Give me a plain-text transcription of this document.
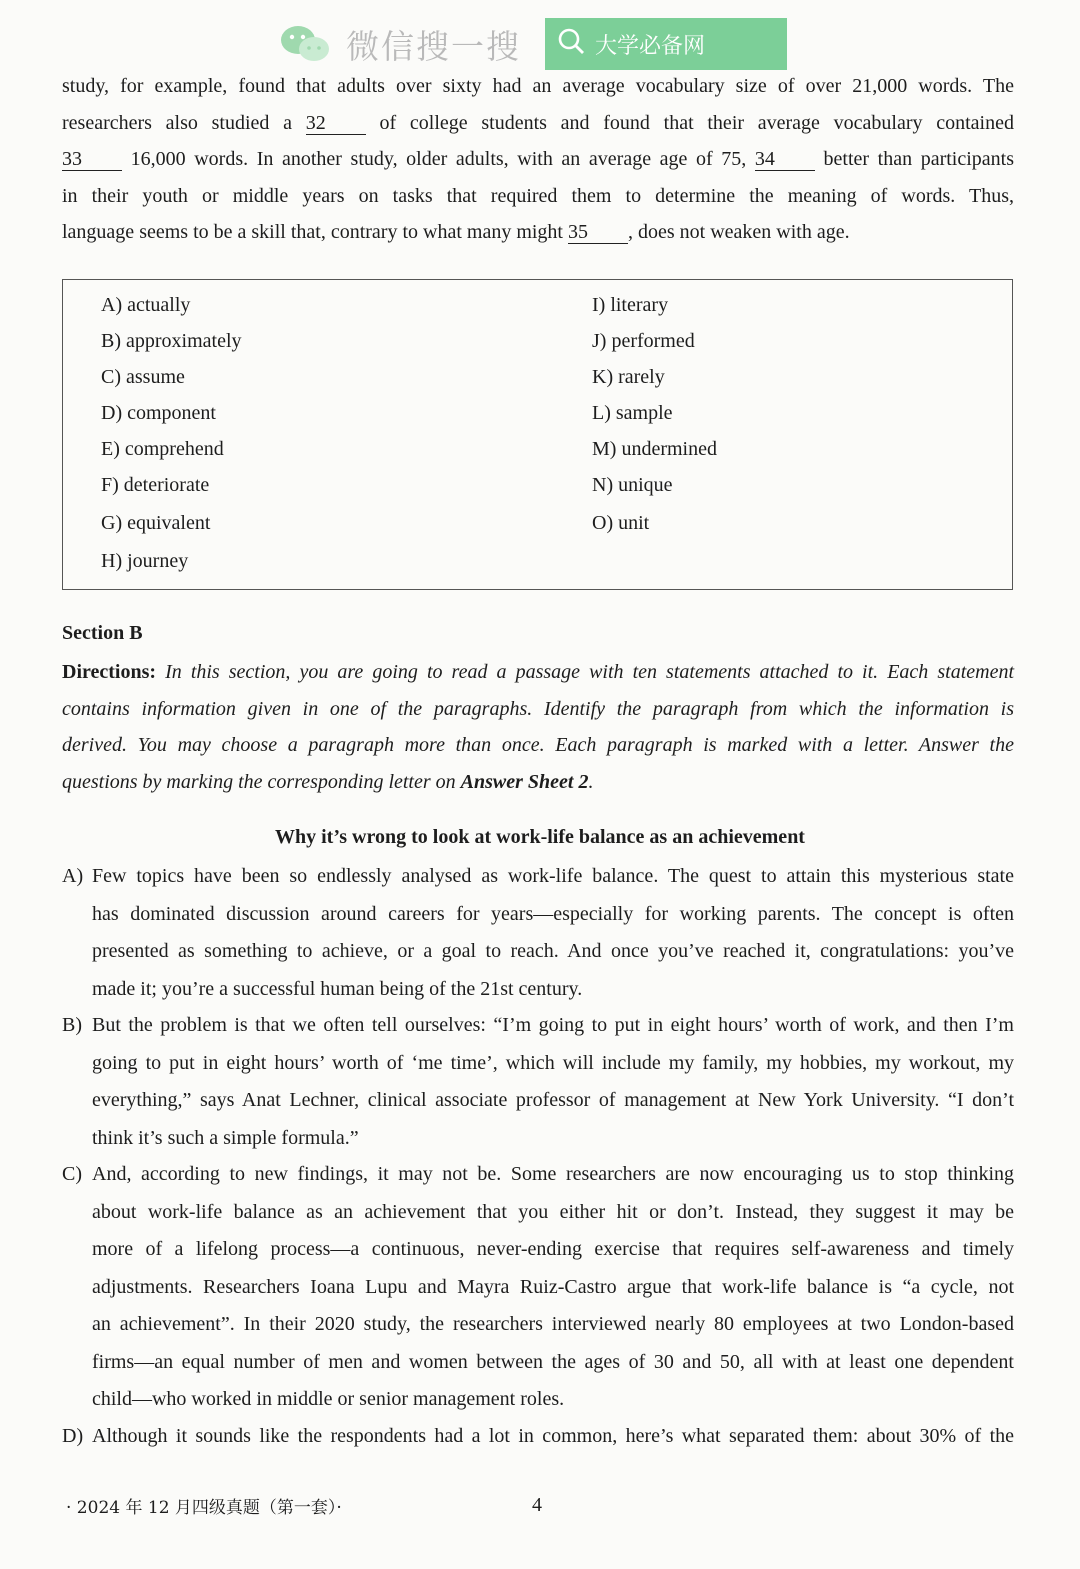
微信搜一搜	大学必备网
study, for example, found that adults over sixty had an average vocabulary size of over 21,000 words. The
researchers also studied a 32 of college students and found that their average vocabulary contained
33 16,000 words. In another study, older adults, with an average age of 75, 34 better than participants
in their youth or middle years on tasks that required them to determine the meaning of words. Thus,
language seems to be a skill that, contrary to what many might 35 , does not weaken with age.
A) actually
B) approximately
C) assume
D) component
E) comprehend
F) deteriorate
G) equivalent
H) journey
I) literary
J) performed
K) rarely
L) sample
M) undermined
N) unique
O) unit
Section B
Directions: In this section, you are going to read a passage with ten statements attached to it. Each statement
contains information given in one of the paragraphs. Identify the paragraph from which the information is
derived. You may choose a paragraph more than once. Each paragraph is marked with a letter. Answer the
questions by marking the corresponding letter on Answer Sheet 2.
Why it’s wrong to look at work-life balance as an achievement
A) Few topics have been so endlessly analysed as work-life balance. The quest to attain this mysterious state
has dominated discussion around careers for years—especially for working parents. The concept is often
presented as something to achieve, or a goal to reach. And once you’ve reached it, congratulations: you’ve
made it; you’re a successful human being of the 21st century.
B) But the problem is that we often tell ourselves: “I’m going to put in eight hours’ worth of work, and then I’m
going to put in eight hours’ worth of ‘me time’, which will include my family, my hobbies, my workout, my
everything,” says Anat Lechner, clinical associate professor of management at New York University. “I don’t
think it’s such a simple formula.”
C) And, according to new findings, it may not be. Some researchers are now encouraging us to stop thinking
about work-life balance as an achievement that you either hit or don’t. Instead, they suggest it may be
more of a lifelong process—a continuous, never-ending exercise that requires self-awareness and timely
adjustments. Researchers Ioana Lupu and Mayra Ruiz-Castro argue that work-life balance is “a cycle, not
an achievement”. In their 2020 study, the researchers interviewed nearly 80 employees at two London-based
firms—an equal number of men and women between the ages of 30 and 50, all with at least one dependent
child—who worked in middle or senior management roles.
D) Although it sounds like the respondents had a lot in common, here’s what separated them: about 30% of the
· 2024 年 12 月四级真题（第一套）·	4
